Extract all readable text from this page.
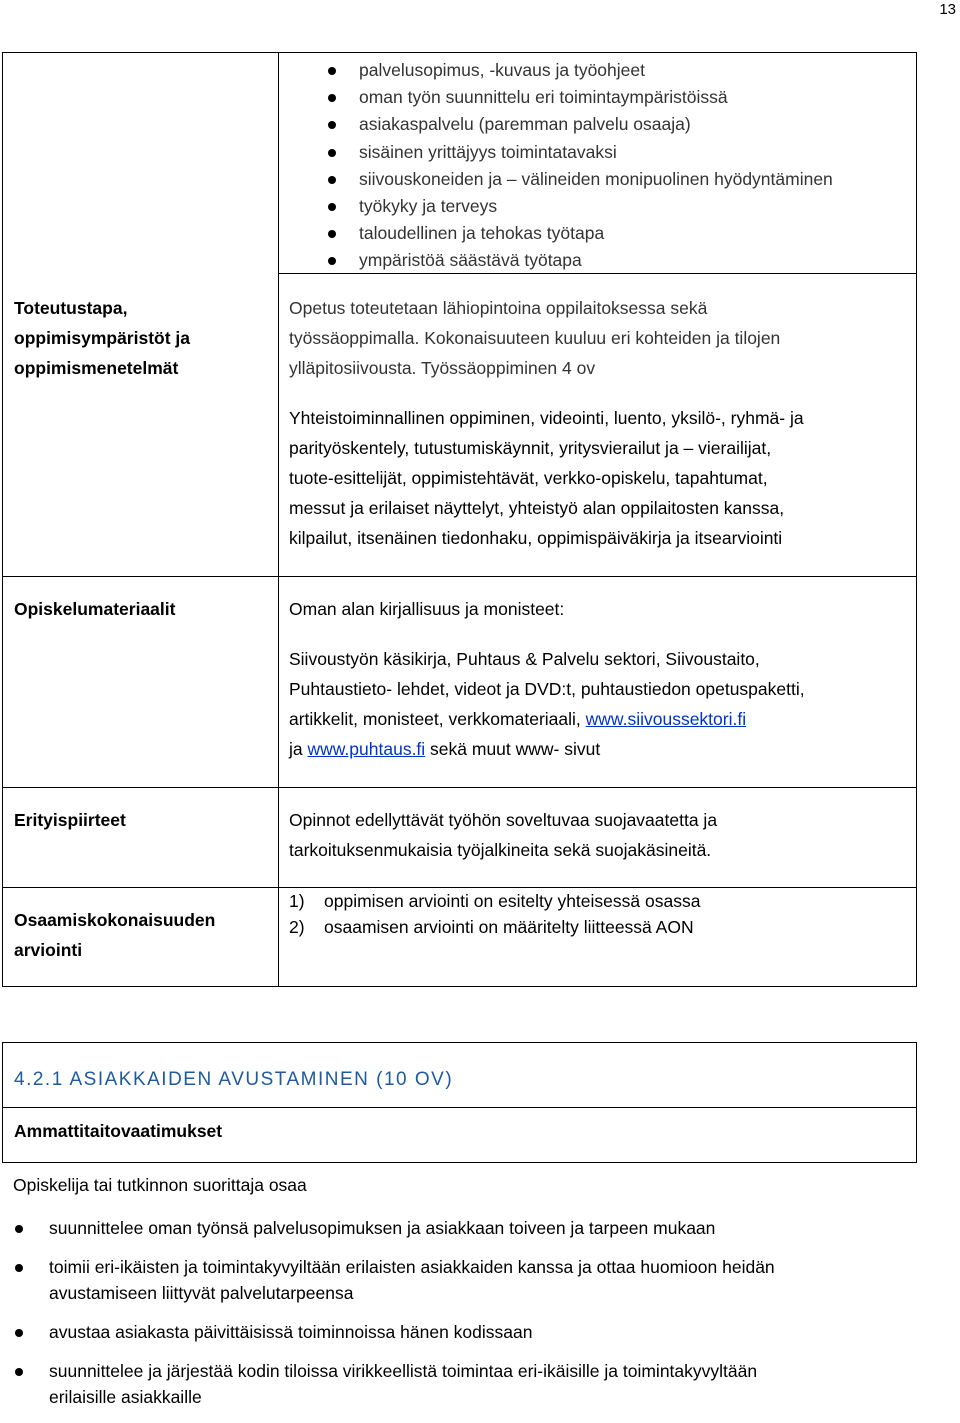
13
palvelusopimus, -kuvaus ja työohjeet
oman työn suunnittelu eri toimintaympäristöissä
asiakaspalvelu (paremman palvelu osaaja)
sisäinen yrittäjyys toimintatavaksi
siivouskoneiden ja – välineiden monipuolinen hyödyntäminen
työkyky ja terveys
taloudellinen ja tehokas työtapa
ympäristöä säästävä työtapa

Toteutustapa,

oppimisympäristöt ja

oppimismenetelmät

Opetus toteutetaan lähiopintoina oppilaitoksessa sekä

työssäoppimalla. Kokonaisuuteen kuuluu eri kohteiden ja tilojen

ylläpitosiivousta. Työssäoppiminen 4 ov

Yhteistoiminnallinen oppiminen, videointi, luento, yksilö-, ryhmä- ja

parityöskentely, tutustumiskäynnit, yritysvierailut ja – vierailijat,

tuote-esittelijät, oppimistehtävät, verkko-opiskelu, tapahtumat,

messut ja erilaiset näyttelyt, yhteistyö alan oppilaitosten kanssa,

kilpailut, itsenäinen tiedonhaku, oppimispäiväkirja ja itsearviointi

Opiskelumateriaalit	Oman alan kirjallisuus ja monisteet:

Siivoustyön käsikirja, Puhtaus & Palvelu sektori, Siivoustaito,

Puhtaustieto- lehdet, videot ja DVD:t, puhtaustiedon opetuspaketti,

artikkelit, monisteet, verkkomateriaali, www.siivoussektori.fi

ja www.puhtaus.fi sekä muut www- sivut

Erityispiirteet	Opinnot edellyttävät työhön soveltuvaa suojavaatetta ja

tarkoituksenmukaisia työjalkineita sekä suojakäsineitä.

Osaamiskokonaisuuden

arviointi

1) oppimisen arviointi on esitelty yhteisessä osassa
2) osaamisen arviointi on määritelty liitteessä AON
4.2.1 ASIAKKAIDEN AVUSTAMINEN (10 OV)
Ammattitaitovaatimukset
Opiskelija tai tutkinnon suorittaja osaa
suunnittelee oman työnsä palvelusopimuksen ja asiakkaan toiveen ja tarpeen mukaan
toimii eri-ikäisten ja toimintakyvyiltään erilaisten asiakkaiden kanssa ja ottaa huomioon heidän
avustamiseen liittyvät palvelutarpeensa
avustaa asiakasta päivittäisissä toiminnoissa hänen kodissaan
suunnittelee ja järjestää kodin tiloissa virikkeellistä toimintaa eri-ikäisille ja toimintakyvyltään
erilaisille asiakkaille
